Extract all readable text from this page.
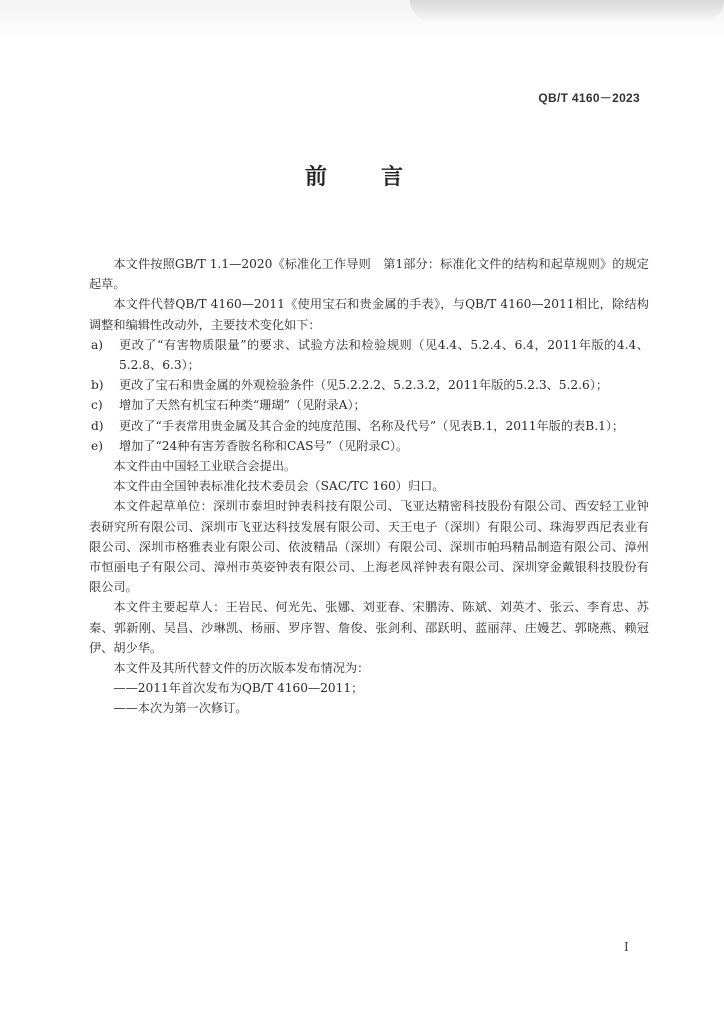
QB/T 4160－2023
前　言

本文件按照GB/T 1.1—2020《标准化工作导则　第1部分：标准化文件的结构和起草规则》的规定起草。

本文件代替QB/T 4160—2011《使用宝石和贵金属的手表》，与QB/T 4160—2011相比，除结构调整和编辑性改动外，主要技术变化如下：

a)	更改了“有害物质限量”的要求、试验方法和检验规则（见4.4、5.2.4、6.4，2011年版的4.4、5.2.8、6.3）；
b)	更改了宝石和贵金属的外观检验条件（见5.2.2.2、5.2.3.2，2011年版的5.2.3、5.2.6）；
c)	增加了天然有机宝石种类“珊瑚”（见附录A）；
d)	更改了“手表常用贵金属及其合金的纯度范围、名称及代号”（见表B.1，2011年版的表B.1）；
e)	增加了“24种有害芳香胺名称和CAS号”（见附录C）。

本文件由中国轻工业联合会提出。

本文件由全国钟表标准化技术委员会（SAC/TC 160）归口。

本文件起草单位：深圳市泰坦时钟表科技有限公司、飞亚达精密科技股份有限公司、西安轻工业钟表研究所有限公司、深圳市飞亚达科技发展有限公司、天王电子（深圳）有限公司、珠海罗西尼表业有限公司、深圳市格雅表业有限公司、依波精品（深圳）有限公司、深圳市帕玛精品制造有限公司、漳州市恒丽电子有限公司、漳州市英姿钟表有限公司、上海老凤祥钟表有限公司、深圳穿金戴银科技股份有限公司。

本文件主要起草人：王岩民、何光先、张娜、刘亚春、宋鹏涛、陈斌、刘英才、张云、李育忠、苏秦、郭新刚、吴昌、沙琳凯、杨丽、罗序智、詹俊、张剑利、邵跃明、蓝丽萍、庄嫚艺、郭晓燕、赖冠伊、胡少华。

本文件及其所代替文件的历次版本发布情况为：

——2011年首次发布为QB/T 4160—2011；

——本次为第一次修订。

I
